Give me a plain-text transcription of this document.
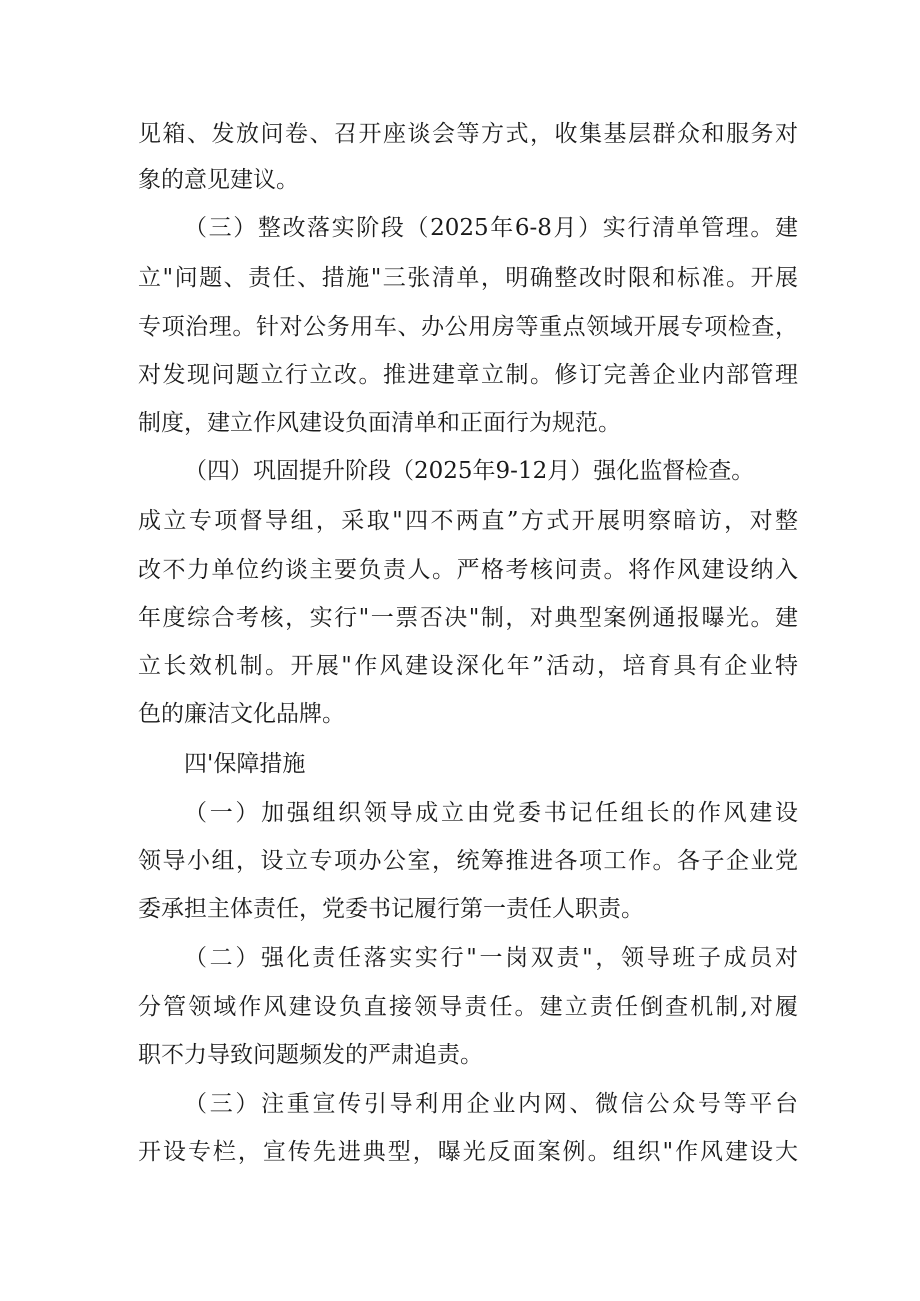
见箱、发放问卷、召开座谈会等方式，收集基层群众和服务对
象的意见建议。
（三）整改落实阶段（2025年6-8月）实行清单管理。建
立"问题、责任、措施"三张清单，明确整改时限和标准。开展
专项治理。针对公务用车、办公用房等重点领域开展专项检查，
对发现问题立行立改。推进建章立制。修订完善企业内部管理
制度，建立作风建设负面清单和正面行为规范。
（四）巩固提升阶段（2025年9-12月）强化监督检查。
成立专项督导组，采取"四不两直”方式开展明察暗访，对整
改不力单位约谈主要负责人。严格考核问责。将作风建设纳入
年度综合考核，实行"一票否决"制，对典型案例通报曝光。建
立长效机制。开展"作风建设深化年”活动，培育具有企业特
色的廉洁文化品牌。
四'保障措施
（一）加强组织领导成立由党委书记任组长的作风建设
领导小组，设立专项办公室，统筹推进各项工作。各子企业党
委承担主体责任，党委书记履行第一责任人职责。
（二）强化责任落实实行"一岗双责"，领导班子成员对
分管领域作风建设负直接领导责任。建立责任倒查机制,对履
职不力导致问题频发的严肃追责。
（三）注重宣传引导利用企业内网、微信公众号等平台
开设专栏，宣传先进典型，曝光反面案例。组织"作风建设大
